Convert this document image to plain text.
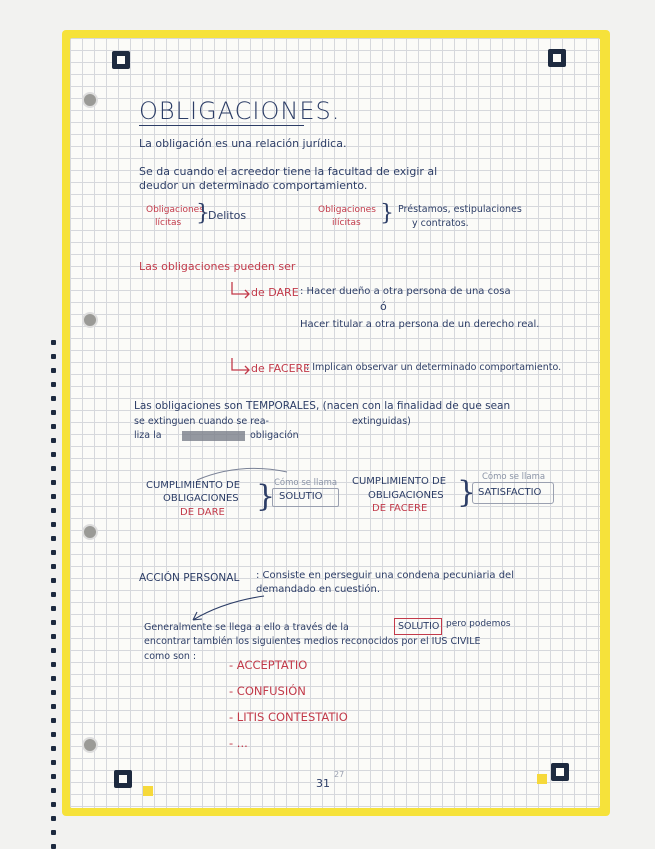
OBLIGACIONES.
La obligación es una relación jurídica.
Se da cuando el acreedor tiene la facultad de exigir al
deudor un determinado comportamiento.
Obligaciones
lícitas }
Delitos	Obligaciones
ilícitas } Préstamos, estipulaciones
y contratos.
Las obligaciones pueden ser
de DARE : Hacer dueño a otra persona de una cosa
ó
Hacer titular a otra persona de un derecho real.
de FACERE
: Implican observar un determinado comportamiento.
Las obligaciones son TEMPORALES, (nacen con la finalidad de que sean
se extinguen cuando se rea-	extinguidas)
liza la	obligación
CUMPLIMIENTO DE
OBLIGACIONES
DE DARE }
Cómo se llama
SOLUTIO
CUMPLIMIENTO DE
OBLIGACIONES
DE FACERE } Cómo se llama
SATISFACTIO
ACCIÓN PERSONAL : Consiste en perseguir una condena pecuniaria del
demandado en cuestión.
Generalmente se llega a ello a través de la	SOLUTIO pero podemos
encontrar también los siguientes medios reconocidos por el IUS CIVILE
como son :
- ACCEPTATIO
- CONFUSIÓN
- LITIS CONTESTATIO
- ...
31
27
